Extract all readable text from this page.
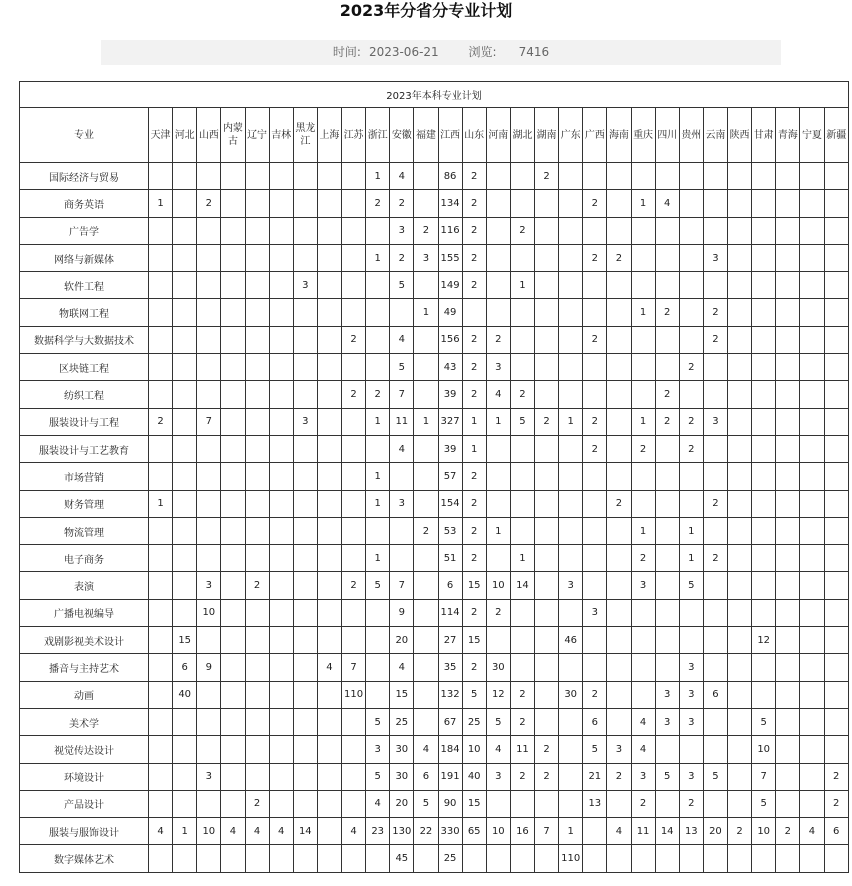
2023年分省分专业计划
时间: 2023-06-21 浏览: 7416
2023年本科专业计划																													
专业	天津	河北	山西	内蒙古	辽宁	吉林	黑龙江	上海	江苏	浙江	安徽	福建	江西	山东	河南	湖北	湖南	广东	广西	海南	重庆	四川	贵州	云南	陕西	甘肃	青海	宁夏	新疆
国际经济与贸易										1	4		86	2			2												
商务英语	1		2							2	2		134	2					2		1	4							
广告学											3	2	116	2		2													
网络与新媒体										1	2	3	155	2					2	2				3					
软件工程							3				5		149	2		1													
物联网工程												1	49								1	2		2					
数据科学与大数据技术									2		4		156	2	2				2					2					
区块链工程											5		43	2	3								2						
纺织工程									2	2	7		39	2	4	2						2							
服装设计与工程	2		7				3			1	11	1	327	1	1	5	2	1	2		1	2	2	3					
服装设计与工艺教育											4		39	1					2		2		2						
市场营销										1			57	2															
财务管理	1									1	3		154	2						2				2					
物流管理												2	53	2	1						1		1						
电子商务										1			51	2		1					2		1	2					
表演			3		2				2	5	7		6	15	10	14		3			3		5						
广播电视编导			10								9		114	2	2				3										
戏剧影视美术设计		15									20		27	15				46								12			
播音与主持艺术		6	9					4	7		4		35	2	30								3						
动画		40							110		15		132	5	12	2		30	2			3	3	6					
美术学										5	25		67	25	5	2			6		4	3	3			5			
视觉传达设计										3	30	4	184	10	4	11	2		5	3	4					10			
环境设计			3							5	30	6	191	40	3	2	2		21	2	3	5	3	5		7			2
产品设计					2					4	20	5	90	15					13		2		2			5			2
服装与服饰设计	4	1	10	4	4	4	14		4	23	130	22	330	65	10	16	7	1		4	11	14	13	20	2	10	2	4	6
数字媒体艺术											45		25					110											
